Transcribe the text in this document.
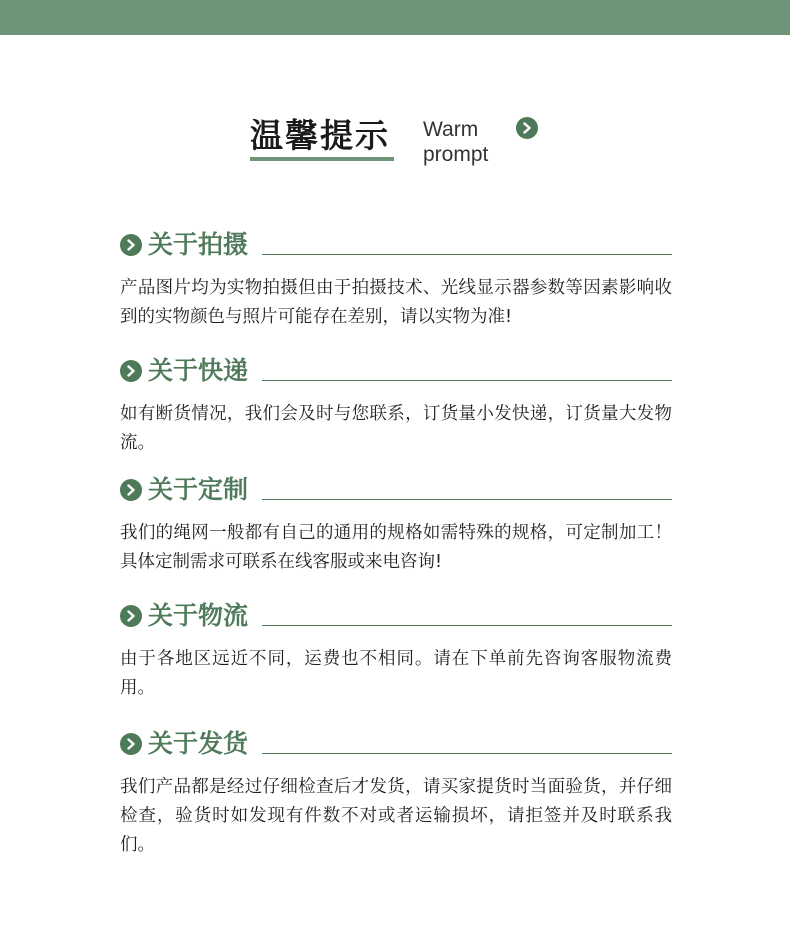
温馨提示 Warm
prompt
关于拍摄
产品图片均为实物拍摄但由于拍摄技术、光线显示器参数等因素影响收到的实物颜色与照片可能存在差别，请以实物为准!
关于快递
如有断货情况，我们会及时与您联系，订货量小发快递，订货量大发物流。
关于定制
我们的绳网一般都有自己的通用的规格如需特殊的规格，可定制加工！具体定制需求可联系在线客服或来电咨询!
关于物流
由于各地区远近不同，运费也不相同。请在下单前先咨询客服物流费用。
关于发货
我们产品都是经过仔细检查后才发货，请买家提货时当面验货，并仔细检查，验货时如发现有件数不对或者运输损坏，请拒签并及时联系我们。
